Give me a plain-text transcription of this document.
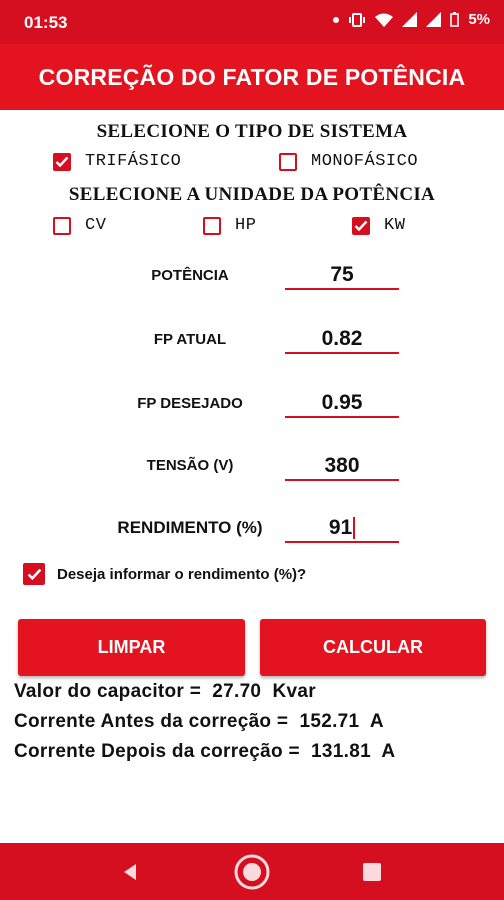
01:53	5%
CORREÇÃO DO FATOR DE POTÊNCIA
SELECIONE O TIPO DE SISTEMA
TRIFÁSICO	MONOFÁSICO
SELECIONE A UNIDADE DA POTÊNCIA
CV	HP	KW
POTÊNCIA	75
FP ATUAL	0.82
FP DESEJADO	0.95
TENSÃO (V)	380
RENDIMENTO (%)	91
Deseja informar o rendimento (%)?
LIMPAR	CALCULAR
Valor do capacitor =  27.70  Kvar
Corrente Antes da correção =  152.71  A
Corrente Depois da correção =  131.81  A
